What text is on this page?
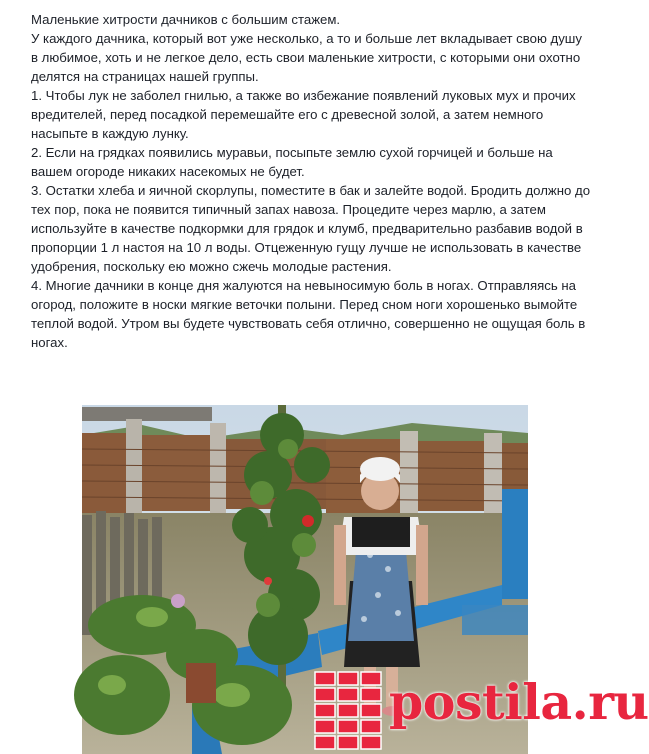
Маленькие хитрости дачников с большим стажем.

У каждого дачника, который вот уже несколько, а то и больше лет вкладывает свою душу в любимое, хоть и не легкое дело, есть свои маленькие хитрости, с которыми они охотно делятся на страницах нашей группы.

1. Чтобы лук не заболел гнилью, а также во избежание появлений луковых мух и прочих вредителей, перед посадкой перемешайте его с древесной золой, а затем немного насыпьте в каждую лунку.

2. Если на грядках появились муравьи, посыпьте землю сухой горчицей и больше на вашем огороде никаких насекомых не будет.

3. Остатки хлеба и яичной скорлупы, поместите в бак и залейте водой. Бродить должно до тех пор, пока не появится типичный запах навоза. Процедите через марлю, а затем используйте в качестве подкормки для грядок и клумб, предварительно разбавив водой в пропорции 1 л настоя на 10 л воды. Отцеженную гущу лучше не использовать в качестве удобрения, поскольку ею можно сжечь молодые растения.

4. Многие дачники в конце дня жалуются на невыносимую боль в ногах. Отправляясь на огород, положите в носки мягкие веточки полыни. Перед сном ноги хорошенько вымойте теплой водой. Утром вы будете чувствовать себя отлично, совершенно не ощущая боль в ногах.

postila.ru
